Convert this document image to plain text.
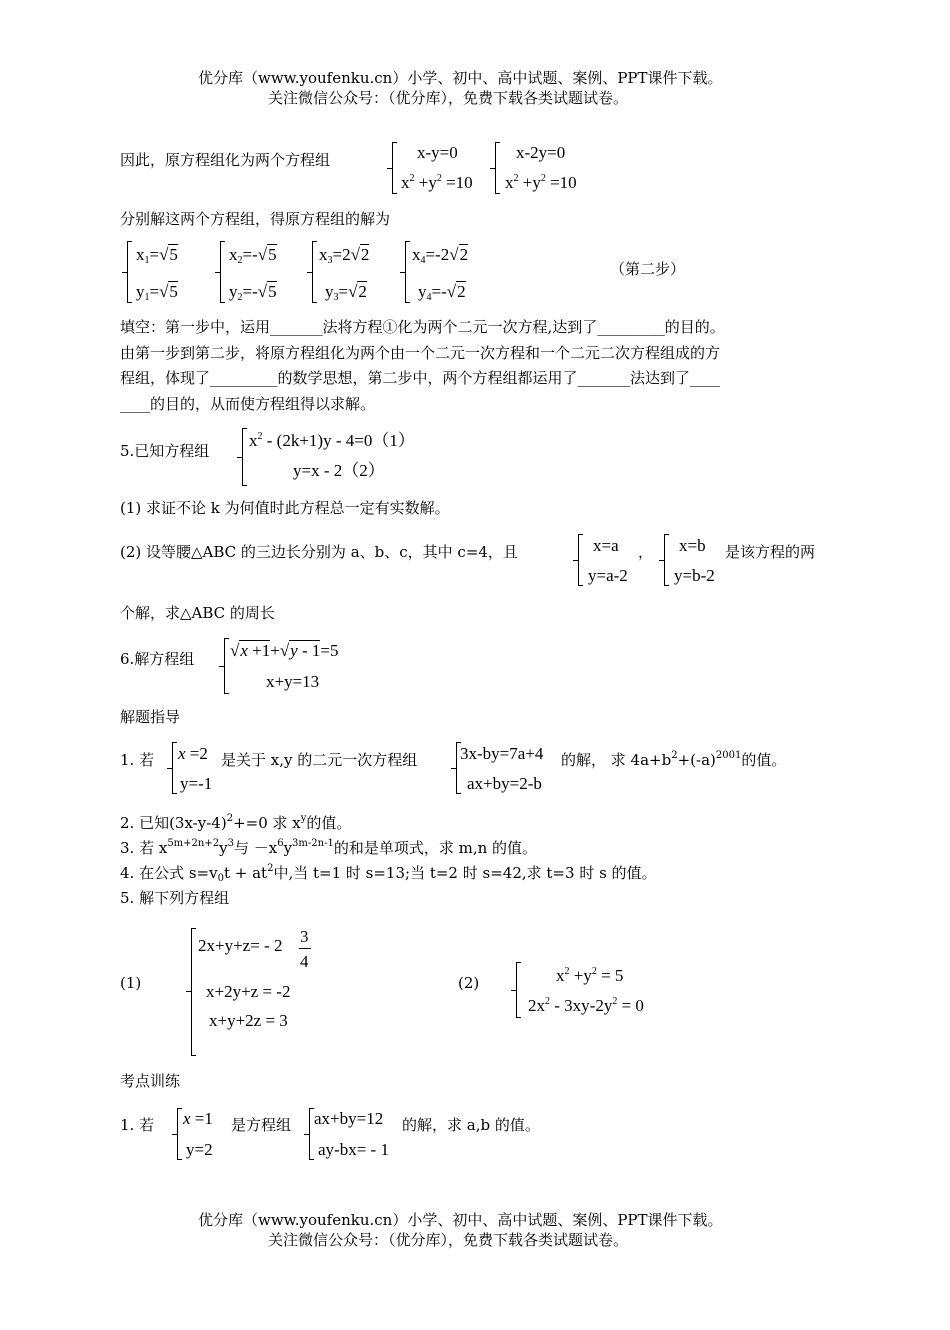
优分库（www.youfenku.cn）小学、初中、高中试题、案例、PPT课件下载。
关注微信公众号：（优分库），免费下载各类试题试卷。
因此，原方程组化为两个方程组	x-y=0
$x^2 +y^2 =10$
x-2y=0
$x^2 +y^2 =10$
分别解这两个方程组，得原方程组的解为
$x_1=√5$
$y_1=√5$
$x_2=-√5$
$y_2=-√5$
$x_3=2√2$
$y_3=√2$
$x_4=-2√2$
$y_4=-√2$
（第二步）
填空：第一步中，运用_______法将方程①化为两个二元一次方程,达到了_________的目的。
由第一步到第二步，将原方程组化为两个由一个二元一次方程和一个二元二次方程组成的方
程组，体现了_________的数学思想，第二步中，两个方程组都运用了_______法达到了____
____的目的，从而使方程组得以求解。
5.已知方程组
$x^2 - (2k+1)y - 4=0(1)$
y=x - 2（2）
(1) 求证不论 k 为何值时此方程总一定有实数解。
(2) 设等腰△ABC 的三边长分别为 a、b、c，其中 c=4，且	x=a
y=a-2
， x=b
y=b-2
是该方程的两
个解，求△ABC 的周长
6.解方程组 √x +1+√y - 1=5
x+y=13
解题指导
1. 若 x =2
y=-1
是关于 x,y 的二元一次方程组	3x-by=7a+4
ax+by=2-b
的解， 求 $4a+b^2+(-a)^{2001}$的值。
2. 已知$(3x-y-4)^2+=0$ 求 $x^y$的值。
3. 若 $x^{5m+2n+2}y^3$与 $-x^6y^{3m-2n-1}$的和是单项式，求 m,n 的值。
4. 在公式 $s=v_0t + at^2$中,当 t=1 时 s=13;当 t=2 时 s=42,求 t=3 时 s 的值。
5. 解下列方程组
(1)
2x+y+z= - 2 3
4
x+2y+z = -2
x+y+2z = 3
(2)	$x^2 +y^2 = 5$
$2x^2 - 3xy-2y^2 = 0$
考点训练
1. 若 x =1
y=2
是方程组 ax+by=12
ay-bx= - 1
的解，求 a,b 的值。
优分库（www.youfenku.cn）小学、初中、高中试题、案例、PPT课件下载。
关注微信公众号：（优分库），免费下载各类试题试卷。
